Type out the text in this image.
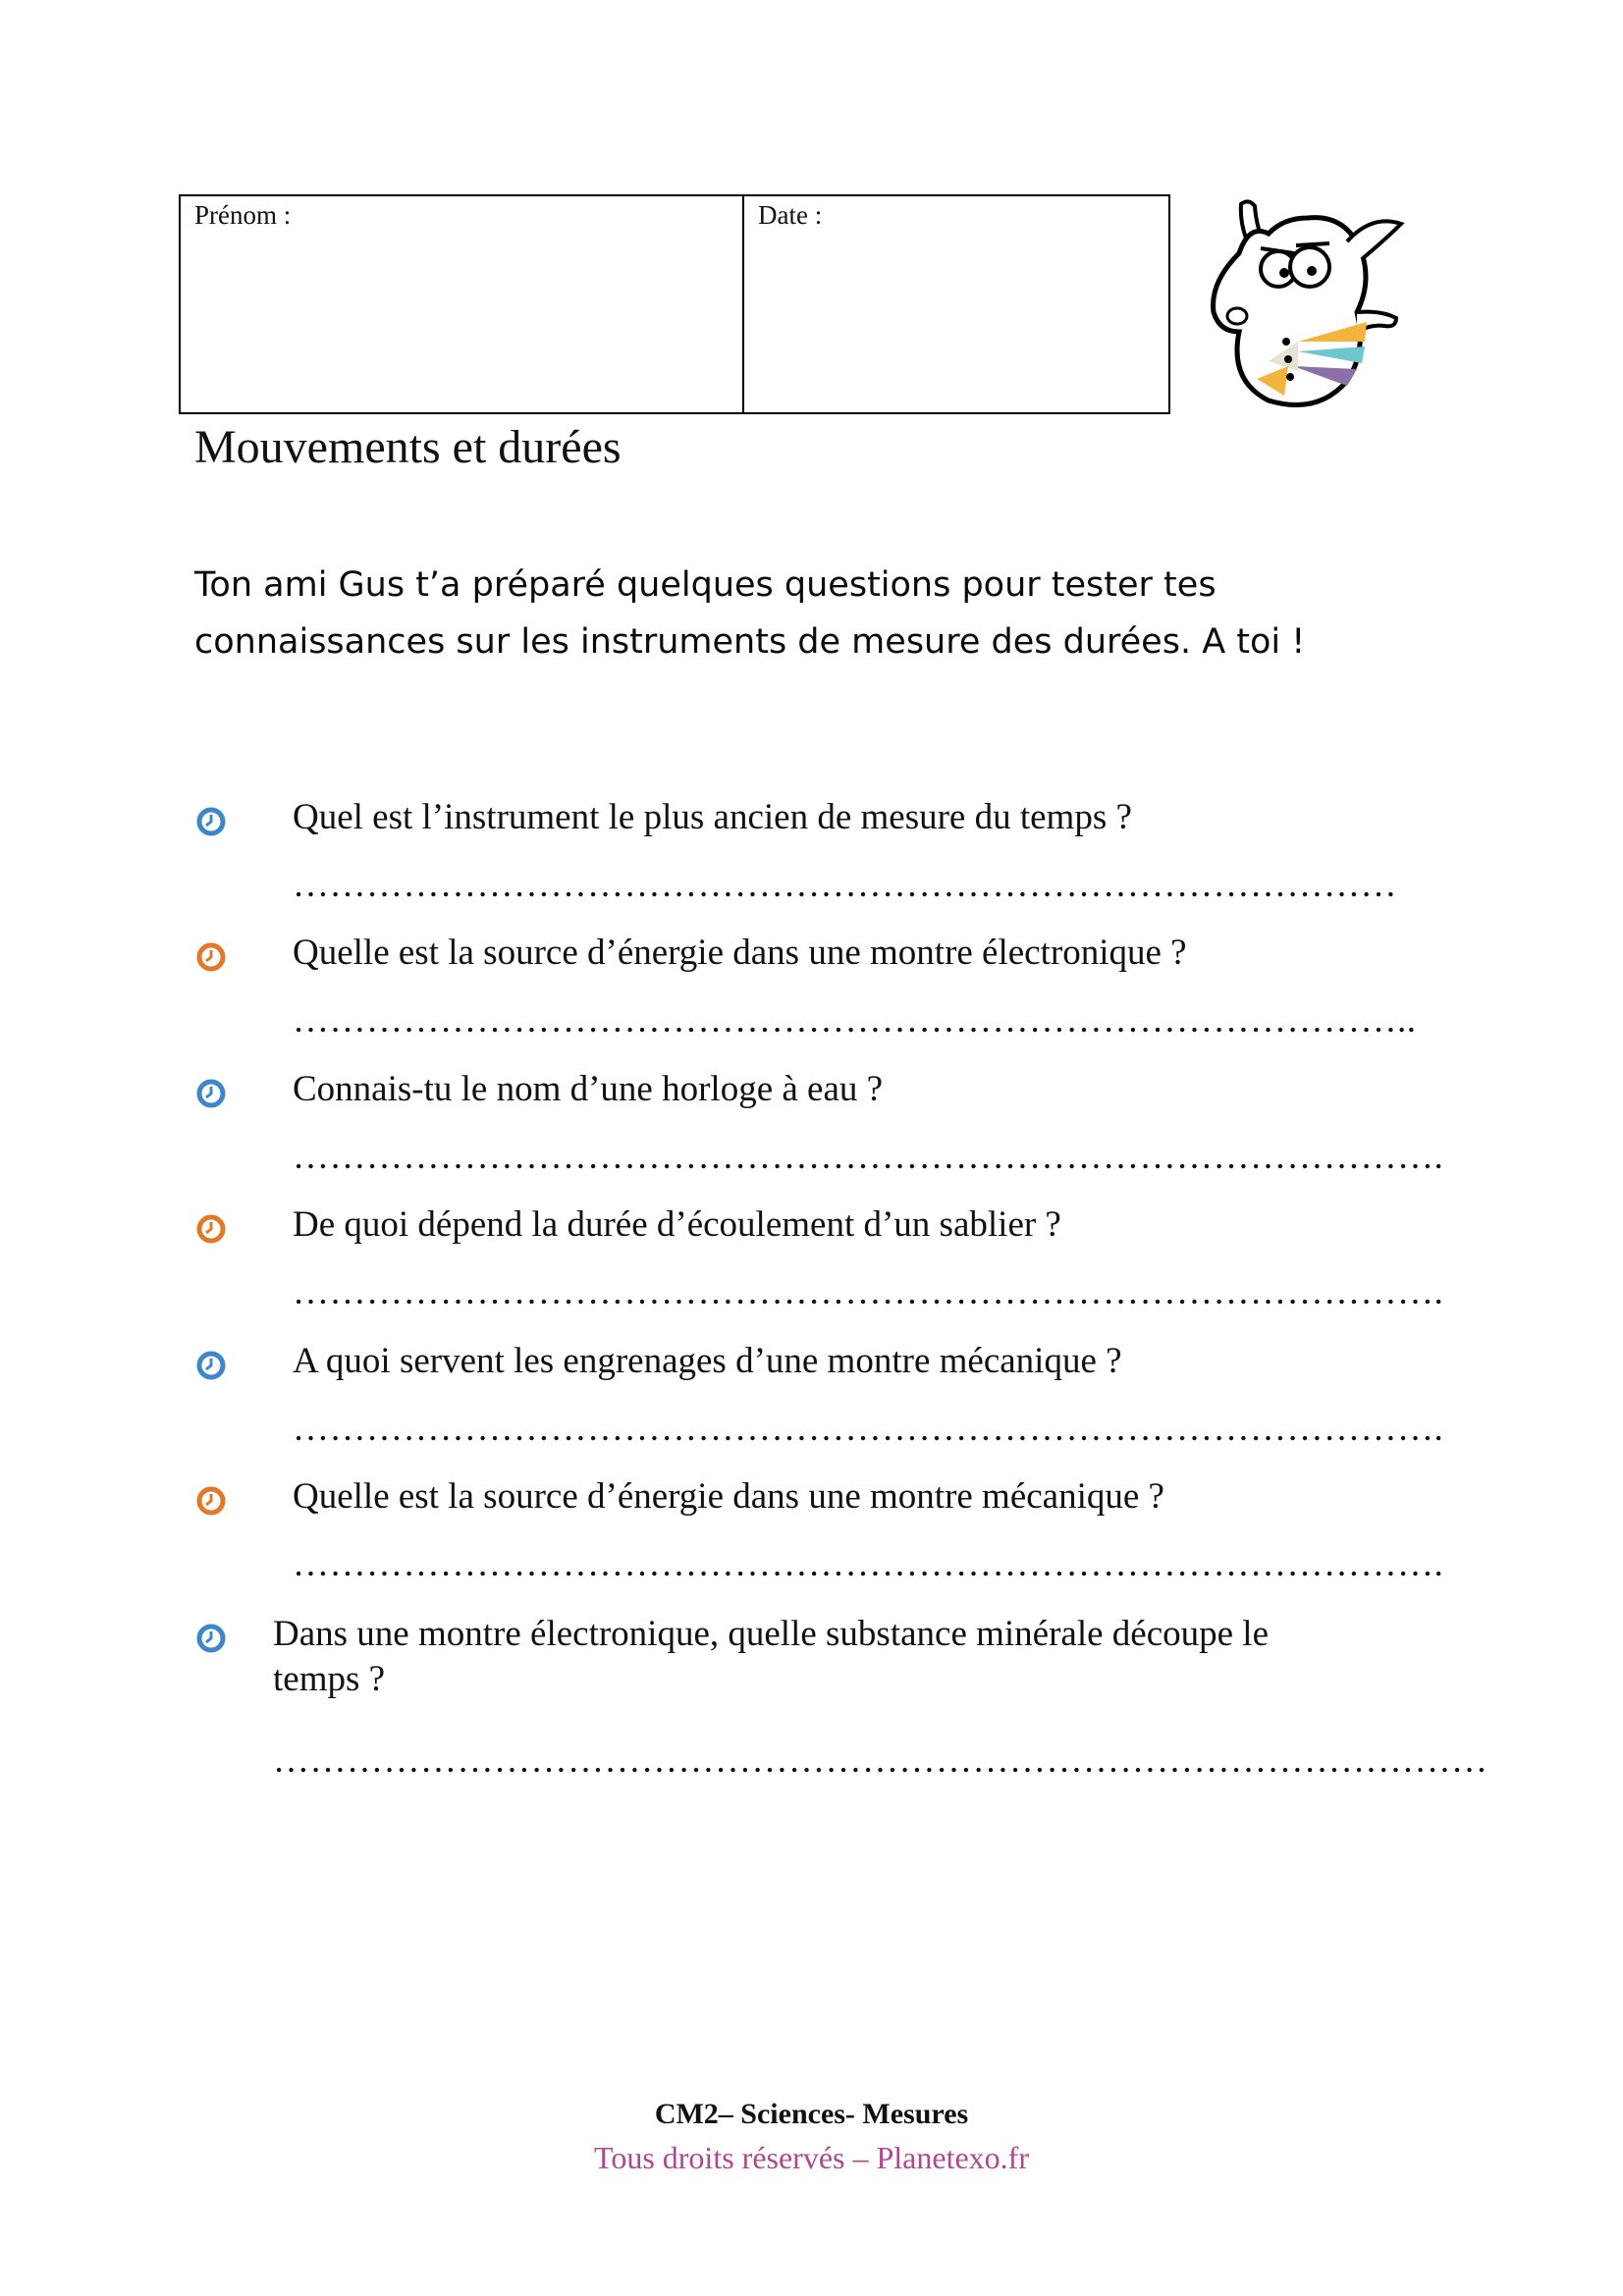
Prénom :	Date :
Mouvements et durées

Ton ami Gus t’a préparé quelques questions pour tester tes connaissances sur les instruments de mesure des durées. A toi !

Quel est l’instrument le plus ancien de mesure du temps ?
………………………………………………………………………………
Quelle est la source d’énergie dans une montre électronique ?
………………………………………………………………………………..
Connais-tu le nom d’une horloge à eau ?
………………………………………………………………………………….
De quoi dépend la durée d’écoulement d’un sablier ?
………………………………………………………………………………….
A quoi servent les engrenages d’une montre mécanique ?
………………………………………………………………………………….
Quelle est la source d’énergie dans une montre mécanique ?
………………………………………………………………………………….
Dans une montre électronique, quelle substance minérale découpe le temps ?
………………………………………………………………………………………
CM2– Sciences- Mesures
Tous droits réservés – Planetexo.fr
